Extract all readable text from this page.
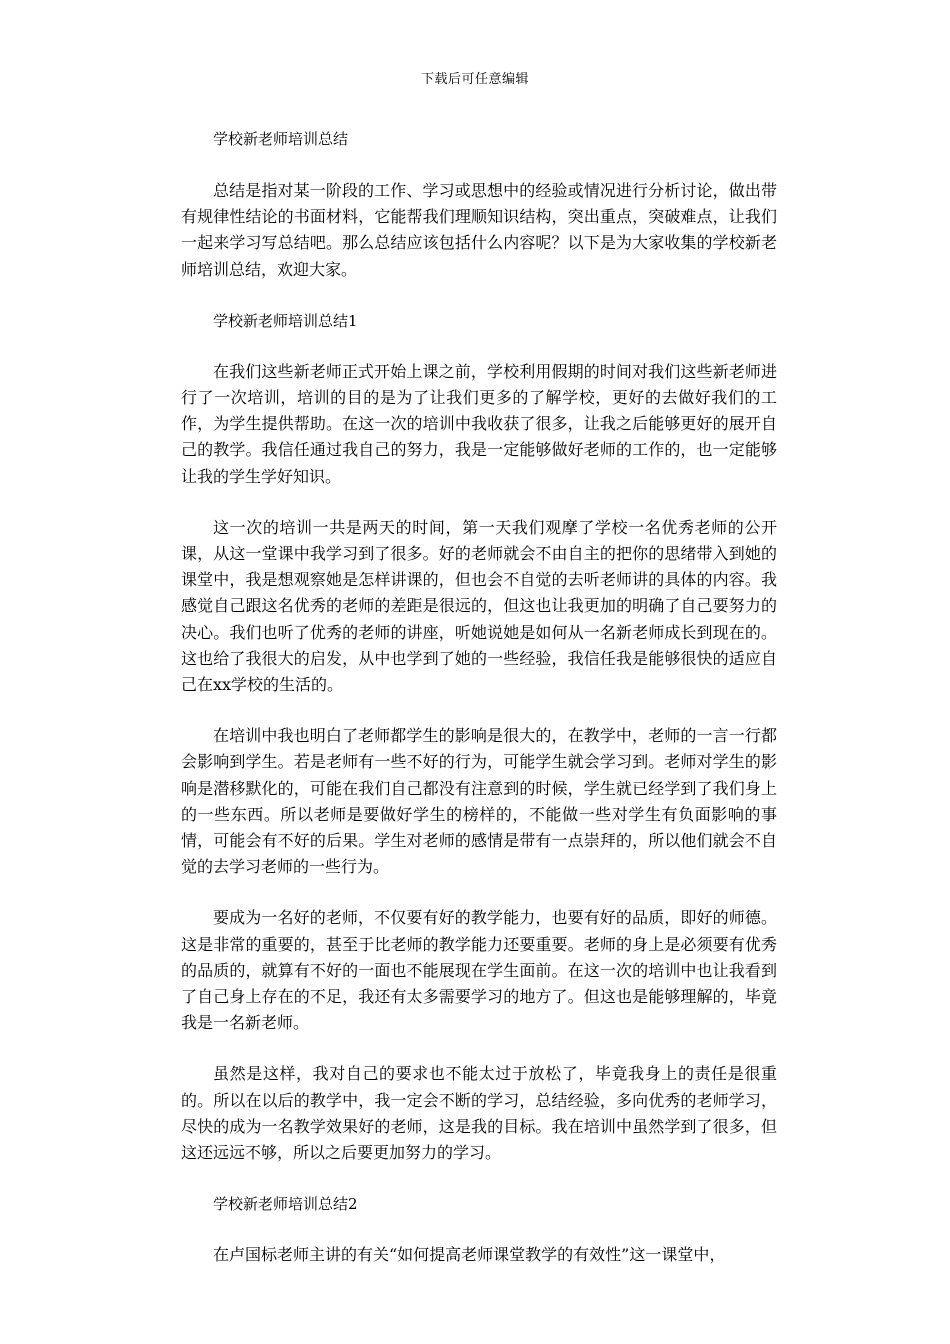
下载后可任意编辑
学校新老师培训总结

总结是指对某一阶段的工作、学习或思想中的经验或情况进行分析讨论，做出带有规律性结论的书面材料，它能帮我们理顺知识结构，突出重点，突破难点，让我们一起来学习写总结吧。那么总结应该包括什么内容呢？以下是为大家收集的学校新老师培训总结，欢迎大家。

学校新老师培训总结1

在我们这些新老师正式开始上课之前，学校利用假期的时间对我们这些新老师进行了一次培训，培训的目的是为了让我们更多的了解学校，更好的去做好我们的工作，为学生提供帮助。在这一次的培训中我收获了很多，让我之后能够更好的展开自己的教学。我信任通过我自己的努力，我是一定能够做好老师的工作的，也一定能够让我的学生学好知识。

这一次的培训一共是两天的时间，第一天我们观摩了学校一名优秀老师的公开课，从这一堂课中我学习到了很多。好的老师就会不由自主的把你的思绪带入到她的课堂中，我是想观察她是怎样讲课的，但也会不自觉的去听老师讲的具体的内容。我感觉自己跟这名优秀的老师的差距是很远的，但这也让我更加的明确了自己要努力的决心。我们也听了优秀的老师的讲座，听她说她是如何从一名新老师成长到现在的。这也给了我很大的启发，从中也学到了她的一些经验，我信任我是能够很快的适应自己在xx学校的生活的。

在培训中我也明白了老师都学生的影响是很大的，在教学中，老师的一言一行都会影响到学生。若是老师有一些不好的行为，可能学生就会学习到。老师对学生的影响是潜移默化的，可能在我们自己都没有注意到的时候，学生就已经学到了我们身上的一些东西。所以老师是要做好学生的榜样的，不能做一些对学生有负面影响的事情，可能会有不好的后果。学生对老师的感情是带有一点崇拜的，所以他们就会不自觉的去学习老师的一些行为。

要成为一名好的老师，不仅要有好的教学能力，也要有好的品质，即好的师德。这是非常的重要的，甚至于比老师的教学能力还要重要。老师的身上是必须要有优秀的品质的，就算有不好的一面也不能展现在学生面前。在这一次的培训中也让我看到了自己身上存在的不足，我还有太多需要学习的地方了。但这也是能够理解的，毕竟我是一名新老师。

虽然是这样，我对自己的要求也不能太过于放松了，毕竟我身上的责任是很重的。所以在以后的教学中，我一定会不断的学习，总结经验，多向优秀的老师学习，尽快的成为一名教学效果好的老师，这是我的目标。我在培训中虽然学到了很多，但这还远远不够，所以之后要更加努力的学习。

学校新老师培训总结2

在卢国标老师主讲的有关“如何提高老师课堂教学的有效性”这一课堂中，
